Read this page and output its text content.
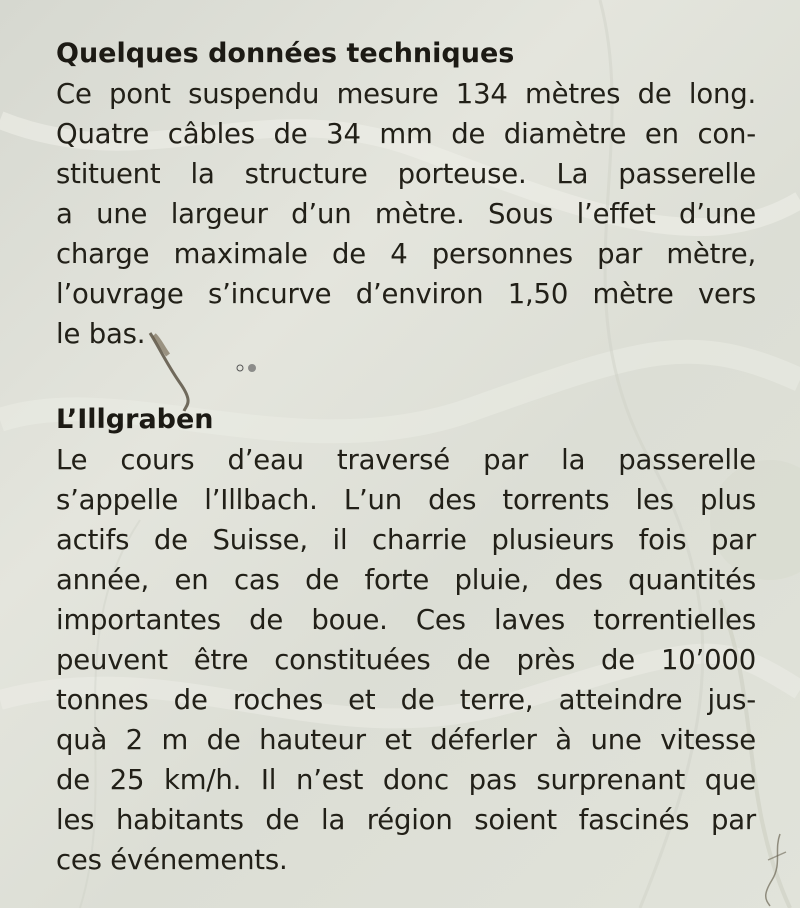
Quelques données techniques
Ce pont suspendu mesure 134 mètres de long.
Quatre câbles de 34 mm de diamètre en con-
stituent la structure porteuse. La passerelle
a une largeur d’un mètre. Sous l’effet d’une
charge maximale de 4 personnes par mètre,
l’ouvrage s’incurve d’environ 1,50 mètre vers
le bas.
L’Illgraben
Le cours d’eau traversé par la passerelle
s’appelle l’Illbach. L’un des torrents les plus
actifs de Suisse, il charrie plusieurs fois par
année, en cas de forte pluie, des quantités
importantes de boue. Ces laves torrentielles
peuvent être constituées de près de 10’000
tonnes de roches et de terre, atteindre jus-
quà 2 m de hauteur et déferler à une vitesse
de 25 km/h. Il n’est donc pas surprenant que
les habitants de la région soient fascinés par
ces événements.
